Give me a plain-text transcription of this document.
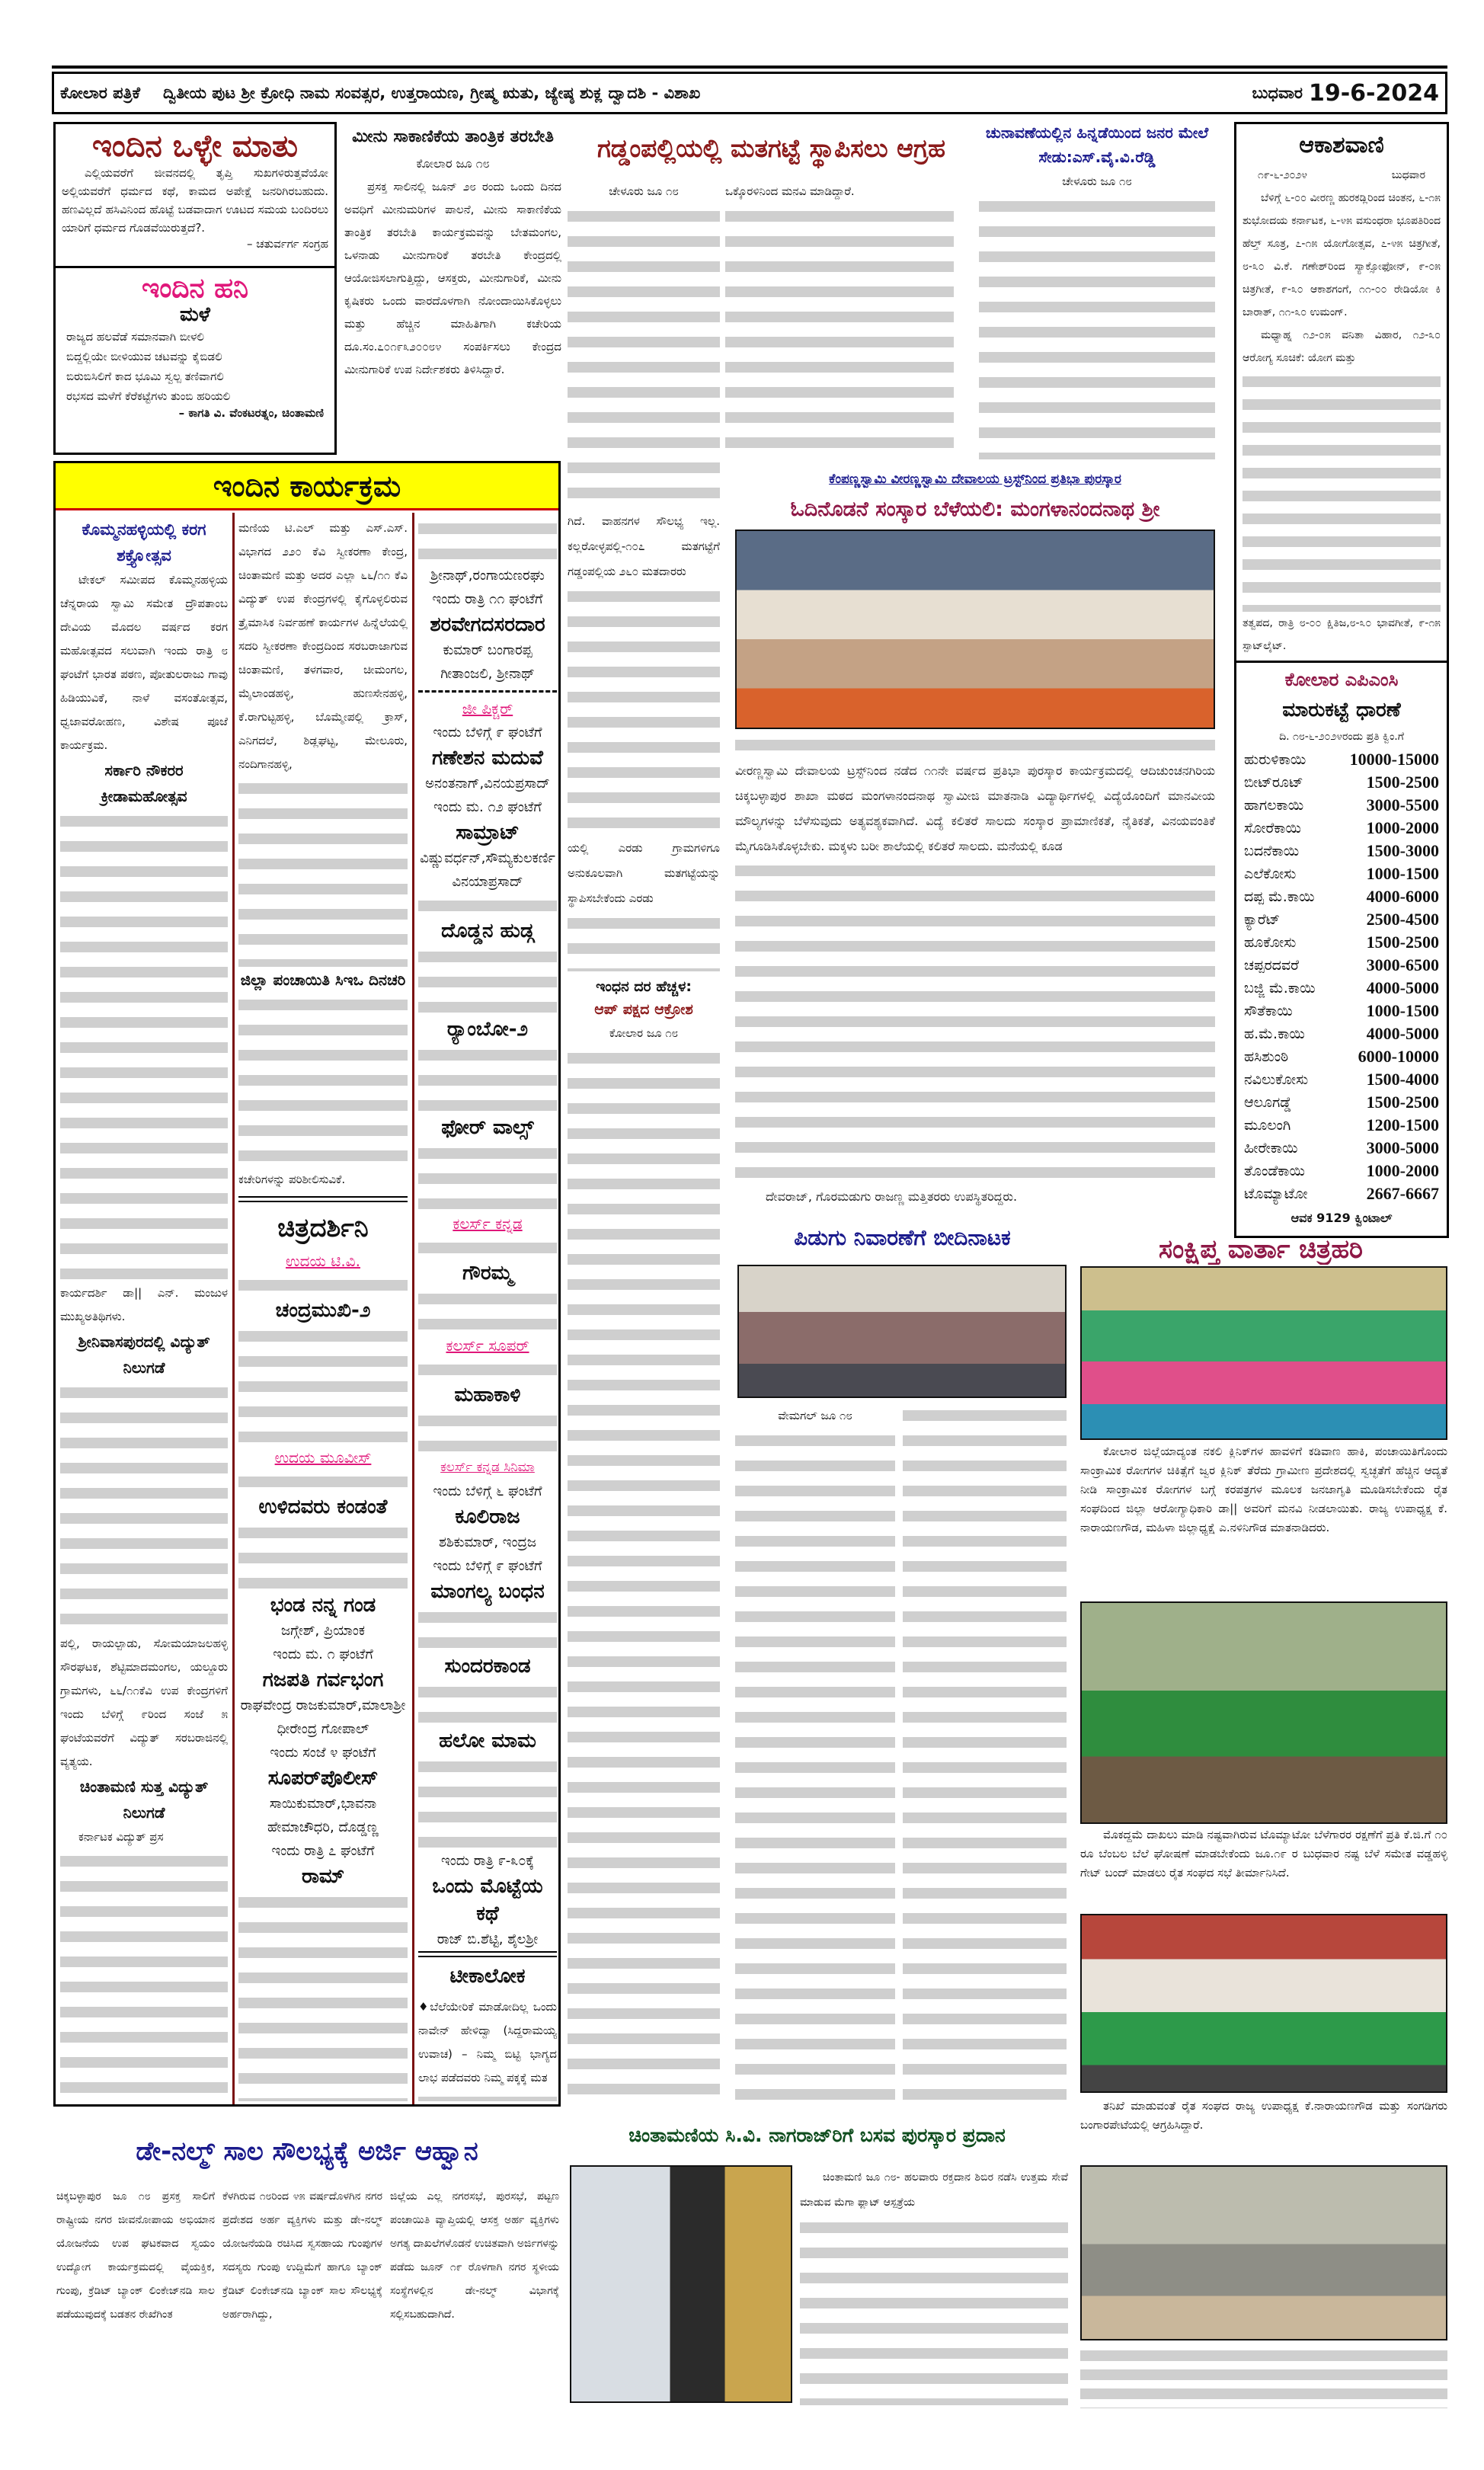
ಕೋಲಾರ ಪತ್ರಿಕೆ ದ್ವಿತೀಯ ಪುಟ ಶ್ರೀ ಕ್ರೋಧಿ ನಾಮ ಸಂವತ್ಸರ, ಉತ್ತರಾಯಣ, ಗ್ರೀಷ್ಮ ಋತು, ಜ್ಯೇಷ್ಠ ಶುಕ್ಲ ದ್ವಾದಶಿ - ವಿಶಾಖ	ಬುಧವಾರ 19-6-2024
ಇಂದಿನ ಒಳ್ಳೇ ಮಾತು
ಎಲ್ಲಿಯವರೆಗೆ ಜೀವನದಲ್ಲಿ ತೃಪ್ತಿ ಸುಖಗಳಿರುತ್ತವೆಯೋ ಅಲ್ಲಿಯವರೆಗೆ ಧರ್ಮದ ಕಥೆ, ಕಾಮದ ಅಪೇಕ್ಷೆ ಜನರಿಗಿರಬಹುದು. ಹಣವಿಲ್ಲದೆ ಹಸಿವಿನಿಂದ ಹೊಟ್ಟೆ ಬಡವಾದಾಗ ಊಟದ ಸಮಯ ಬಂದಿರಲು ಯಾರಿಗೆ ಧರ್ಮದ ಗೊಡವೆಯಿರುತ್ತದೆ?.
– ಚತುರ್ವರ್ಗ ಸಂಗ್ರಹ
ಇಂದಿನ ಹನಿ
ಮಳೆ
ರಾಜ್ಯದ ಹಲವೆಡೆ ಸಮಾನವಾಗಿ ಬೀಳಲಿ
ಬಿದ್ದಲ್ಲಿಯೇ ಬೀಳಿಯುವ ಚಟವನ್ನು ಕೈಬಿಡಲಿ
ಬಿರುಬಿಸಿಲಿಗೆ ಕಾದ ಭೂಮಿ ಸ್ವಲ್ಪ ತಣಿವಾಗಲಿ
ರಭಸದ ಮಳೆಗೆ ಕೆರೆಕಟ್ಟೆಗಳು ತುಂಬಿ ಹರಿಯಲಿ
– ಕಾಗತಿ ವಿ. ವೆಂಕಟರತ್ನಂ, ಚಿಂತಾಮಣಿ
ಮೀನು ಸಾಕಾಣಿಕೆಯ ತಾಂತ್ರಿಕ ತರಬೇತಿ
ಕೋಲಾರ ಜೂ ೧೮
ಪ್ರಸಕ್ತ ಸಾಲಿನಲ್ಲಿ ಜೂನ್ ೨೮ ರಂದು ಒಂದು ದಿನದ ಅವಧಿಗೆ ಮೀನುಮರಿಗಳ ಪಾಲನೆ, ಮೀನು ಸಾಕಾಣಿಕೆಯ ತಾಂತ್ರಿಕ ತರಬೇತಿ ಕಾರ್ಯಕ್ರಮವನ್ನು ಬೇತಮಂಗಲ, ಒಳನಾಡು ಮೀನುಗಾರಿಕೆ ತರಬೇತಿ ಕೇಂದ್ರದಲ್ಲಿ ಆಯೋಜಿಸಲಾಗುತ್ತಿದ್ದು, ಆಸಕ್ತರು, ಮೀನುಗಾರಿಕೆ, ಮೀನು ಕೃಷಿಕರು ಒಂದು ವಾರದೊಳಗಾಗಿ ನೋಂದಾಯಿಸಿಕೊಳ್ಳಲು ಮತ್ತು ಹೆಚ್ಚಿನ ಮಾಹಿತಿಗಾಗಿ ಕಚೇರಿಯ ದೂ.ಸಂ.೭೦೧೯೩೨೦೦೮೪ ಸಂಪರ್ಕಿಸಲು ಕೇಂದ್ರದ ಮೀನುಗಾರಿಕೆ ಉಪ ನಿರ್ದೇಶಕರು ತಿಳಿಸಿದ್ದಾರೆ.
ಗಡ್ಡಂಪಲ್ಲಿಯಲ್ಲಿ ಮತಗಟ್ಟೆ ಸ್ಥಾಪಿಸಲು ಆಗ್ರಹ
ಚೇಳೂರು ಜೂ ೧೮
ಗಿದೆ. ವಾಹನಗಳ ಸೌಲಭ್ಯ ಇಲ್ಲ. ಕಲ್ಲರೋಳ್ಳಪಲ್ಲಿ-೧೦೭ ಮತಗಟ್ಟೆಗೆ ಗಡ್ಡಂಪಲ್ಲಿಯ ೨೬೦ ಮತದಾರರು
ಯಲ್ಲಿ ಎರಡು ಗ್ರಾಮಗಳಿಗೂ ಅನುಕೂಲವಾಗಿ ಮತಗಟ್ಟೆಯನ್ನು ಸ್ಥಾಪಿಸಬೇಕೆಂದು ಎರಡು
ಒಕ್ಕೊರಳಿನಿಂದ ಮನವಿ ಮಾಡಿದ್ದಾರೆ.
ಇಂಧನ ದರ ಹೆಚ್ಚಳ:
ಆಪ್ ಪಕ್ಷದ ಆಕ್ರೋಶ
ಕೋಲಾರ ಜೂ ೧೮
ಚುನಾವಣೆಯಲ್ಲಿನ ಹಿನ್ನಡೆಯಿಂದ ಜನರ ಮೇಲೆ ಸೇಡು:ಎಸ್.ವೈ.ವಿ.ರೆಡ್ಡಿ
ಚೇಳೂರು ಜೂ ೧೮
ಕೆಂಪಣ್ಣಸ್ವಾಮಿ ವೀರಣ್ಣಸ್ವಾಮಿ ದೇವಾಲಯ ಟ್ರಸ್ಟ್‌ನಿಂದ ಪ್ರತಿಭಾ ಪುರಸ್ಕಾರ
ಓದಿನೊಡನೆ ಸಂಸ್ಕಾರ ಬೆಳೆಯಲಿ: ಮಂಗಳಾನಂದನಾಥ ಶ್ರೀ
ವೀರಣ್ಣಸ್ವಾಮಿ ದೇವಾಲಯ ಟ್ರಸ್ಟ್‌ನಿಂದ ನಡೆದ ೧೧ನೇ ವರ್ಷದ ಪ್ರತಿಭಾ ಪುರಸ್ಕಾರ ಕಾರ್ಯಕ್ರಮದಲ್ಲಿ ಆದಿಚುಂಚನಗಿರಿಯ ಚಿಕ್ಕಬಳ್ಳಾಪುರ ಶಾಖಾ ಮಠದ ಮಂಗಳಾನಂದನಾಥ ಸ್ವಾಮೀಜಿ ಮಾತನಾಡಿ ವಿದ್ಯಾರ್ಥಿಗಳಲ್ಲಿ ವಿದ್ಯೆಯೊಂದಿಗೆ ಮಾನವೀಯ ಮೌಲ್ಯಗಳನ್ನು ಬೆಳೆಸುವುದು ಅತ್ಯವಶ್ಯಕವಾಗಿದೆ. ವಿದ್ಯೆ ಕಲಿತರೆ ಸಾಲದು ಸಂಸ್ಕಾರ ಪ್ರಾಮಾಣಿಕತೆ, ನೈತಿಕತೆ, ವಿನಯವಂತಿಕೆ ಮೈಗೂಡಿಸಿಕೊಳ್ಳಬೇಕು. ಮಕ್ಕಳು ಬರೀ ಶಾಲೆಯಲ್ಲಿ ಕಲಿತರೆ ಸಾಲದು. ಮನೆಯಲ್ಲಿ ಕೂಡ
ದೇವರಾಜ್, ಗೊರಮಡುಗು ರಾಜಣ್ಣ ಮತ್ತಿತರರು ಉಪಸ್ಥಿತರಿದ್ದರು.
ಆಕಾಶವಾಣಿ
೧೯-೬-೨೦೨೪	ಬುಧವಾರ
ಬೆಳಿಗ್ಗೆ ೬-೦೦ ವೀರಣ್ಣ ಹುರಕಡ್ಲಿರಿಂದ ಚಿಂತನ, ೬-೧೫ ಶುಭೋದಯ ಕರ್ನಾಟಕ, ೬-೪೫ ವಸುಂಧರಾ ಭೂಪತಿರಿಂದ ಹೆಲ್ತ್ ಸೂತ್ರ, ೭-೧೫ ಯೋಗೋತ್ಸವ, ೭-೪೫ ಚಿತ್ರಗೀತೆ, ೮-೩೦ ವಿ.ಕೆ. ಗಣೇಶ್‌ರಿಂದ ಸ್ಯಾಕ್ಸೋಫೋನ್, ೯-೦೫ ಚಿತ್ರಗೀತೆ, ೯-೩೦ ಆಕಾಶಗಂಗೆ, ೧೧-೦೦ ರೇಡಿಯೋ ಕಿ ಬಾರಾತ್, ೧೧-೩೦ ಉಮಂಗ್.
ಮಧ್ಯಾಹ್ನ ೧೨-೦೫ ವನಿತಾ ವಿಹಾರ, ೧೨-೩೦ ಆರೋಗ್ಯ ಸೂಚಿಕೆ: ಯೋಗ ಮತ್ತು
ತತ್ವಪದ, ರಾತ್ರಿ ೮-೦೦ ಕ್ಷಿತಿಜ,೮-೩೦ ಭಾವಗೀತೆ, ೯-೧೫ ಸ್ಪಾಟ್‌ಲೈಟ್.
ಕೋಲಾರ ಎಪಿಎಂಸಿ
ಮಾರುಕಟ್ಟೆ ಧಾರಣೆ
ದಿ. ೧೮-೬-೨೦೨೪ರಂದು ಪ್ರತಿ ಕ್ವಿಂ.ಗೆ
ಹುರುಳಿಕಾಯಿ	10000-15000
ಬೀಟ್‌ರೂಟ್	1500-2500
ಹಾಗಲಕಾಯಿ	3000-5500
ಸೋರೆಕಾಯಿ	1000-2000
ಬದನೆಕಾಯಿ	1500-3000
ಎಲೆಕೋಸು	1000-1500
ದಪ್ಪ ಮೆ.ಕಾಯಿ	4000-6000
ಕ್ಯಾರೆಟ್	2500-4500
ಹೂಕೋಸು	1500-2500
ಚಪ್ಪರದವರೆ	3000-6500
ಬಜ್ಜಿ ಮೆ.ಕಾಯಿ	4000-5000
ಸೌತೆಕಾಯಿ	1000-1500
ಹ.ಮೆ.ಕಾಯಿ	4000-5000
ಹಸಿಶುಂಠಿ	6000-10000
ನವಿಲುಕೋಸು	1500-4000
ಆಲೂಗಡ್ಡೆ	1500-2500
ಮೂಲಂಗಿ	1200-1500
ಹೀರೇಕಾಯಿ	3000-5000
ತೊಂಡೆಕಾಯಿ	1000-2000
ಟೊಮ್ಯಾಟೋ	2667-6667
ಆವಕ 9129 ಕ್ವಿಂಟಾಲ್
ಇಂದಿನ ಕಾರ್ಯಕ್ರಮ
ಕೊಮ್ಮನಹಳ್ಳಿಯಲ್ಲಿ ಕರಗ ಶಕ್ತ್ಯೋತ್ಸವ
ಟೇಕಲ್ ಸಮೀಪದ ಕೊಮ್ಮನಹಳ್ಳಿಯ ಚೆನ್ನರಾಯ ಸ್ವಾಮಿ ಸಮೇತ ದ್ರೌಪತಾಂಬ ದೇವಿಯ ಮೊದಲ ವರ್ಷದ ಕರಗ ಮಹೋತ್ಸವದ ಸಲುವಾಗಿ ಇಂದು ರಾತ್ರಿ ೮ ಘಂಟೆಗೆ ಭಾರತ ಪಠಣ, ಪೋತುಲರಾಜು ಗಾವು ಹಿಡಿಯುವಿಕೆ, ನಾಳೆ ವಸಂತೋತ್ಸವ, ಧ್ವಜಾವರೋಹಣ, ವಿಶೇಷ ಪೂಜೆ ಕಾರ್ಯಕ್ರಮ.
ಸರ್ಕಾರಿ ನೌಕರರ ಕ್ರೀಡಾಮಹೋತ್ಸವ
ಕಾರ್ಯದರ್ಶಿ ಡಾ|| ಎನ್. ಮಂಜುಳ ಮುಖ್ಯಅತಿಥಿಗಳು.
ಶ್ರೀನಿವಾಸಪುರದಲ್ಲಿ ವಿದ್ಯುತ್ ನಿಲುಗಡೆ
ಪಲ್ಲಿ, ರಾಯಲ್ಪಾಡು, ಸೋಮಯಾಜಲಹಳ್ಳಿ ಸೌರಘಟಕ, ಶೆಟ್ಟಿಮಾದಮಂಗಲ, ಯಲ್ದೂರು ಗ್ರಾಮಗಳು, ೬೬/೧೧ಕೆವಿ ಉಪ ಕೇಂದ್ರಗಳಿಗೆ ಇಂದು ಬೆಳಿಗ್ಗೆ ೯ರಿಂದ ಸಂಜೆ ೫ ಘಂಟೆಯವರೆಗೆ ವಿದ್ಯುತ್ ಸರಬರಾಜಿನಲ್ಲಿ ವ್ಯತ್ಯಯ.
ಚಿಂತಾಮಣಿ ಸುತ್ತ ವಿದ್ಯುತ್ ನಿಲುಗಡೆ
ಕರ್ನಾಟಕ ವಿದ್ಯುತ್ ಪ್ರಸ
ಮಣಿಯ ಟಿ.ಎಲ್ ಮತ್ತು ಎಸ್.ಎಸ್. ವಿಭಾಗದ ೨೨೦ ಕೆವಿ ಸ್ವೀಕರಣಾ ಕೇಂದ್ರ, ಚಿಂತಾಮಣಿ ಮತ್ತು ಅದರ ಎಲ್ಲಾ ೬೬/೧೧ ಕೆವಿ ವಿದ್ಯುತ್ ಉಪ ಕೇಂದ್ರಗಳಲ್ಲಿ ಕೈಗೊಳ್ಳಲಿರುವ ತ್ರೈಮಾಸಿಕ ನಿರ್ವಹಣೆ ಕಾರ್ಯಗಳ ಹಿನ್ನೆಲೆಯಲ್ಲಿ ಸದರಿ ಸ್ವೀಕರಣಾ ಕೇಂದ್ರದಿಂದ ಸರಬರಾಜಾಗುವ ಚಿಂತಾಮಣಿ, ತಳಗವಾರ, ಚೀಮಂಗಲ, ಮೈಲಾಂಡಹಳ್ಳಿ, ಹುಣಸೇನಹಳ್ಳಿ, ಕೆ.ರಾಗುಟ್ಟಹಳ್ಳಿ, ಬೊಮ್ಮೇಪಲ್ಲಿ ಕ್ರಾಸ್, ಎನಿಗದಲೆ, ಶಿಡ್ಲಘಟ್ಟ, ಮೇಲೂರು, ನಂದಿಗಾನಹಳ್ಳಿ,
ಜಿಲ್ಲಾ ಪಂಚಾಯಿತಿ ಸಿಇಒ ದಿನಚರಿ
ಕಚೇರಿಗಳನ್ನು ಪರಿಶೀಲಿಸುವಿಕೆ.
ಚಿತ್ರದರ್ಶಿನಿ
ಉದಯ ಟಿ.ವಿ.
ಚಂದ್ರಮುಖಿ-೨
ಉದಯ ಮೂವೀಸ್
ಉಳಿದವರು ಕಂಡಂತೆ
ಭಂಡ ನನ್ನ ಗಂಡ
ಜಗ್ಗೇಶ್, ಪ್ರಿಯಾಂಕ
ಇಂದು ಮ. ೧ ಘಂಟೆಗೆ
ಗಜಪತಿ ಗರ್ವಭಂಗ
ರಾಘವೇಂದ್ರ ರಾಜಕುಮಾರ್,ಮಾಲಾಶ್ರೀ ಧೀರೇಂದ್ರ ಗೋಪಾಲ್
ಇಂದು ಸಂಜೆ ೪ ಘಂಟೆಗೆ
ಸೂಪರ್‌ಪೊಲೀಸ್
ಸಾಯಿಕುಮಾರ್,ಭಾವನಾ ಹೇಮಾಚೌಧರಿ, ದೊಡ್ಡಣ್ಣ
ಇಂದು ರಾತ್ರಿ ೭ ಘಂಟೆಗೆ
ರಾಮ್
ಶ್ರೀನಾಥ್,ರಂಗಾಯಣರಘು
ಇಂದು ರಾತ್ರಿ ೧೧ ಘಂಟೆಗೆ
ಶರವೇಗದಸರದಾರ
ಕುಮಾರ್ ಬಂಗಾರಪ್ಪ ಗೀತಾಂಜಲಿ, ಶ್ರೀನಾಥ್
ಜೀ ಪಿಕ್ಚರ್
ಇಂದು ಬೆಳಿಗ್ಗೆ ೯ ಘಂಟೆಗೆ
ಗಣೇಶನ ಮದುವೆ
ಅನಂತನಾಗ್,ವಿನಯಪ್ರಸಾದ್
ಇಂದು ಮ. ೧೨ ಘಂಟೆಗೆ
ಸಾಮ್ರಾಟ್
ವಿಷ್ಣುವರ್ಧನ್,ಸೌಮ್ಯಕುಲಕರ್ಣಿ ವಿನಯಾಪ್ರಸಾದ್
ದೊಡ್ಡನ ಹುಡ್ಗ
ರ್‍ಯಾಂಬೋ-೨
ಫೋರ್ ವಾಲ್ಸ್
ಕಲರ್ಸ್ ಕನ್ನಡ
ಗೌರಮ್ಮ
ಕಲರ್ಸ್ ಸೂಪರ್
ಮಹಾಕಾಳಿ
ಕಲರ್ಸ್ ಕನ್ನಡ ಸಿನಿಮಾ
ಇಂದು ಬೆಳಿಗ್ಗೆ ೬ ಘಂಟೆಗೆ
ಕೂಲಿರಾಜ
ಶಶಿಕುಮಾರ್, ಇಂದ್ರಜ
ಇಂದು ಬೆಳಿಗ್ಗೆ ೯ ಘಂಟೆಗೆ
ಮಾಂಗಲ್ಯ ಬಂಧನ
ಸುಂದರಕಾಂಡ
ಹಲೋ ಮಾಮ
ಇಂದು ರಾತ್ರಿ ೯-೩೦ಕ್ಕೆ
ಒಂದು ಮೊಟ್ಟೆಯ ಕಥೆ
ರಾಜ್ ಬಿ.ಶೆಟ್ಟಿ, ಶೈಲಶ್ರೀ
ಟೀಕಾಲೋಕ
♦ಬೆಲೆಯೇರಿಕೆ ಮಾಡೋದಿಲ್ಲ ಒಂದು ನಾವೇನ್ ಹೇಳಿದ್ವಾ (ಸಿದ್ದರಾಮಯ್ಯ ಉವಾಚ) – ನಿಮ್ಮ ಬಿಟ್ಟಿ ಭಾಗ್ಯದ ಲಾಭ ಪಡೆದವರು ನಿಮ್ಮ ಪಕ್ಕಕ್ಕೆ ಮತ
ಪಿಡುಗು ನಿವಾರಣೆಗೆ ಬೀದಿನಾಟಕ
ವೇಮಗಲ್ ಜೂ ೧೮
ಸಂಕ್ಷಿಪ್ತ ವಾರ್ತಾ ಚಿತ್ರಹರಿ
ಕೋಲಾರ ಜಿಲ್ಲೆಯಾದ್ಯಂತ ನಕಲಿ ಕ್ಲಿನಿಕ್‌ಗಳ ಹಾವಳಿಗೆ ಕಡಿವಾಣ ಹಾಕಿ, ಪಂಚಾಯಿತಿಗೊಂದು ಸಾಂಕ್ರಾಮಿಕ ರೋಗಗಳ ಚಿಕಿತ್ಸೆಗೆ ಜ್ವರ ಕ್ಲಿನಿಕ್ ತೆರೆದು ಗ್ರಾಮೀಣ ಪ್ರದೇಶದಲ್ಲಿ ಸ್ವಚ್ಛತೆಗೆ ಹೆಚ್ಚಿನ ಆದ್ಯತೆ ನೀಡಿ ಸಾಂಕ್ರಾಮಿಕ ರೋಗಗಳ ಬಗ್ಗೆ ಕರಪತ್ರಗಳ ಮೂಲಕ ಜನಜಾಗೃತಿ ಮೂಡಿಸಬೇಕೆಂದು ರೈತ ಸಂಘದಿಂದ ಜಿಲ್ಲಾ ಆರೋಗ್ಯಾಧಿಕಾರಿ ಡಾ|| ಅವರಿಗೆ ಮನವಿ ನೀಡಲಾಯಿತು. ರಾಜ್ಯ ಉಪಾಧ್ಯಕ್ಷ ಕೆ. ನಾರಾಯಣಗೌಡ, ಮಹಿಳಾ ಜಿಲ್ಲಾಧ್ಯಕ್ಷೆ ಎ.ನಳಿನಿಗೌಡ ಮಾತನಾಡಿದರು.
ಮೊಕದ್ದಮೆ ದಾಖಲು ಮಾಡಿ ನಷ್ಟವಾಗಿರುವ ಟೊಮ್ಯಾಟೋ ಬೆಳೆಗಾರರ ರಕ್ಷಣೆಗೆ ಪ್ರತಿ ಕೆ.ಜಿ.ಗೆ ೧೦ ರೂ ಬೆಂಬಲ ಬೆಲೆ ಘೋಷಣೆ ಮಾಡಬೇಕೆಂದು ಜೂ.೧೯ ರ ಬುಧವಾರ ನಷ್ಟ ಬೆಳೆ ಸಮೇತ ವಡ್ಡಹಳ್ಳಿ ಗೇಟ್ ಬಂದ್ ಮಾಡಲು ರೈತ ಸಂಘದ ಸಭೆ ತೀರ್ಮಾನಿಸಿದೆ.
ತನಿಖೆ ಮಾಡುವಂತೆ ರೈತ ಸಂಘದ ರಾಜ್ಯ ಉಪಾಧ್ಯಕ್ಷ ಕೆ.ನಾರಾಯಣಗೌಡ ಮತ್ತು ಸಂಗಡಿಗರು ಬಂಗಾರಪೇಟೆಯಲ್ಲಿ ಆಗ್ರಹಿಸಿದ್ದಾರೆ.
ಚಿಂತಾಮಣಿಯ ಸಿ.ವಿ. ನಾಗರಾಜ್‌ರಿಗೆ ಬಸವ ಪುರಸ್ಕಾರ ಪ್ರದಾನ
ಚಿಂತಾಮಣಿ ಜೂ ೧೮- ಹಲವಾರು ರಕ್ತದಾನ ಶಿಬಿರ ನಡೆಸಿ ಉತ್ತಮ ಸೇವೆ ಮಾಡುವ ಮೆಗಾ ಫ್ಲಾಟ್ ಆಸ್ಪತ್ರೆಯ
ಡೇ-ನಲ್ಮ್ ಸಾಲ ಸೌಲಭ್ಯಕ್ಕೆ ಅರ್ಜಿ ಆಹ್ವಾನ
ಚಿಕ್ಕಬಳ್ಳಾಪುರ ಜೂ ೧೮ ಪ್ರಸಕ್ತ ಸಾಲಿಗೆ ರಾಷ್ಟ್ರೀಯ ನಗರ ಜೀವನೋಪಾಯ ಅಭಿಯಾನ ಯೋಜನೆಯ ಉಪ ಘಟಕವಾದ ಸ್ವಯಂ ಉದ್ಯೋಗ ಕಾರ್ಯಕ್ರಮದಲ್ಲಿ ವೈಯಕ್ತಿಕ, ಗುಂಪು, ಕ್ರೆಡಿಟ್ ಬ್ಯಾಂಕ್ ಲಿಂಕೇಜ್‌ನಡಿ ಸಾಲ ಪಡೆಯುವುದಕ್ಕೆ ಬಡತನ ರೇಖೆಗಿಂತ
ಕೆಳಗಿರುವ ೧೮ರಿಂದ ೪೫ ವರ್ಷದೊಳಗಿನ ನಗರ ಪ್ರದೇಶದ ಅರ್ಹ ವ್ಯಕ್ತಿಗಳು ಮತ್ತು ಡೇ-ನಲ್ಮ್ ಯೋಜನೆಯಡಿ ರಚಿಸಿದ ಸ್ವಸಹಾಯ ಗುಂಪುಗಳ ಸದಸ್ಯರು ಗುಂಪು ಉದ್ದಿಮೆಗೆ ಹಾಗೂ ಬ್ಯಾಂಕ್ ಕ್ರೆಡಿಟ್ ಲಿಂಕೇಜ್‌ನಡಿ ಬ್ಯಾಂಕ್ ಸಾಲ ಸೌಲಭ್ಯಕ್ಕೆ ಅರ್ಹರಾಗಿದ್ದು,
ಜಿಲ್ಲೆಯ ಎಲ್ಲ ನಗರಸಭೆ, ಪುರಸಭೆ, ಪಟ್ಟಣ ಪಂಚಾಯಿತಿ ವ್ಯಾಪ್ತಿಯಲ್ಲಿ ಆಸಕ್ತ ಅರ್ಹ ವ್ಯಕ್ತಿಗಳು ಅಗತ್ಯ ದಾಖಲೆಗಳೊಡನೆ ಉಚಿತವಾಗಿ ಅರ್ಜಿಗಳನ್ನು ಪಡೆದು ಜೂನ್ ೧೯ ರೊಳಗಾಗಿ ನಗರ ಸ್ಥಳೀಯ ಸಂಸ್ಥೆಗಳಲ್ಲಿನ ಡೇ-ನಲ್ಮ್ ವಿಭಾಗಕ್ಕೆ ಸಲ್ಲಿಸಬಹುದಾಗಿದೆ.
